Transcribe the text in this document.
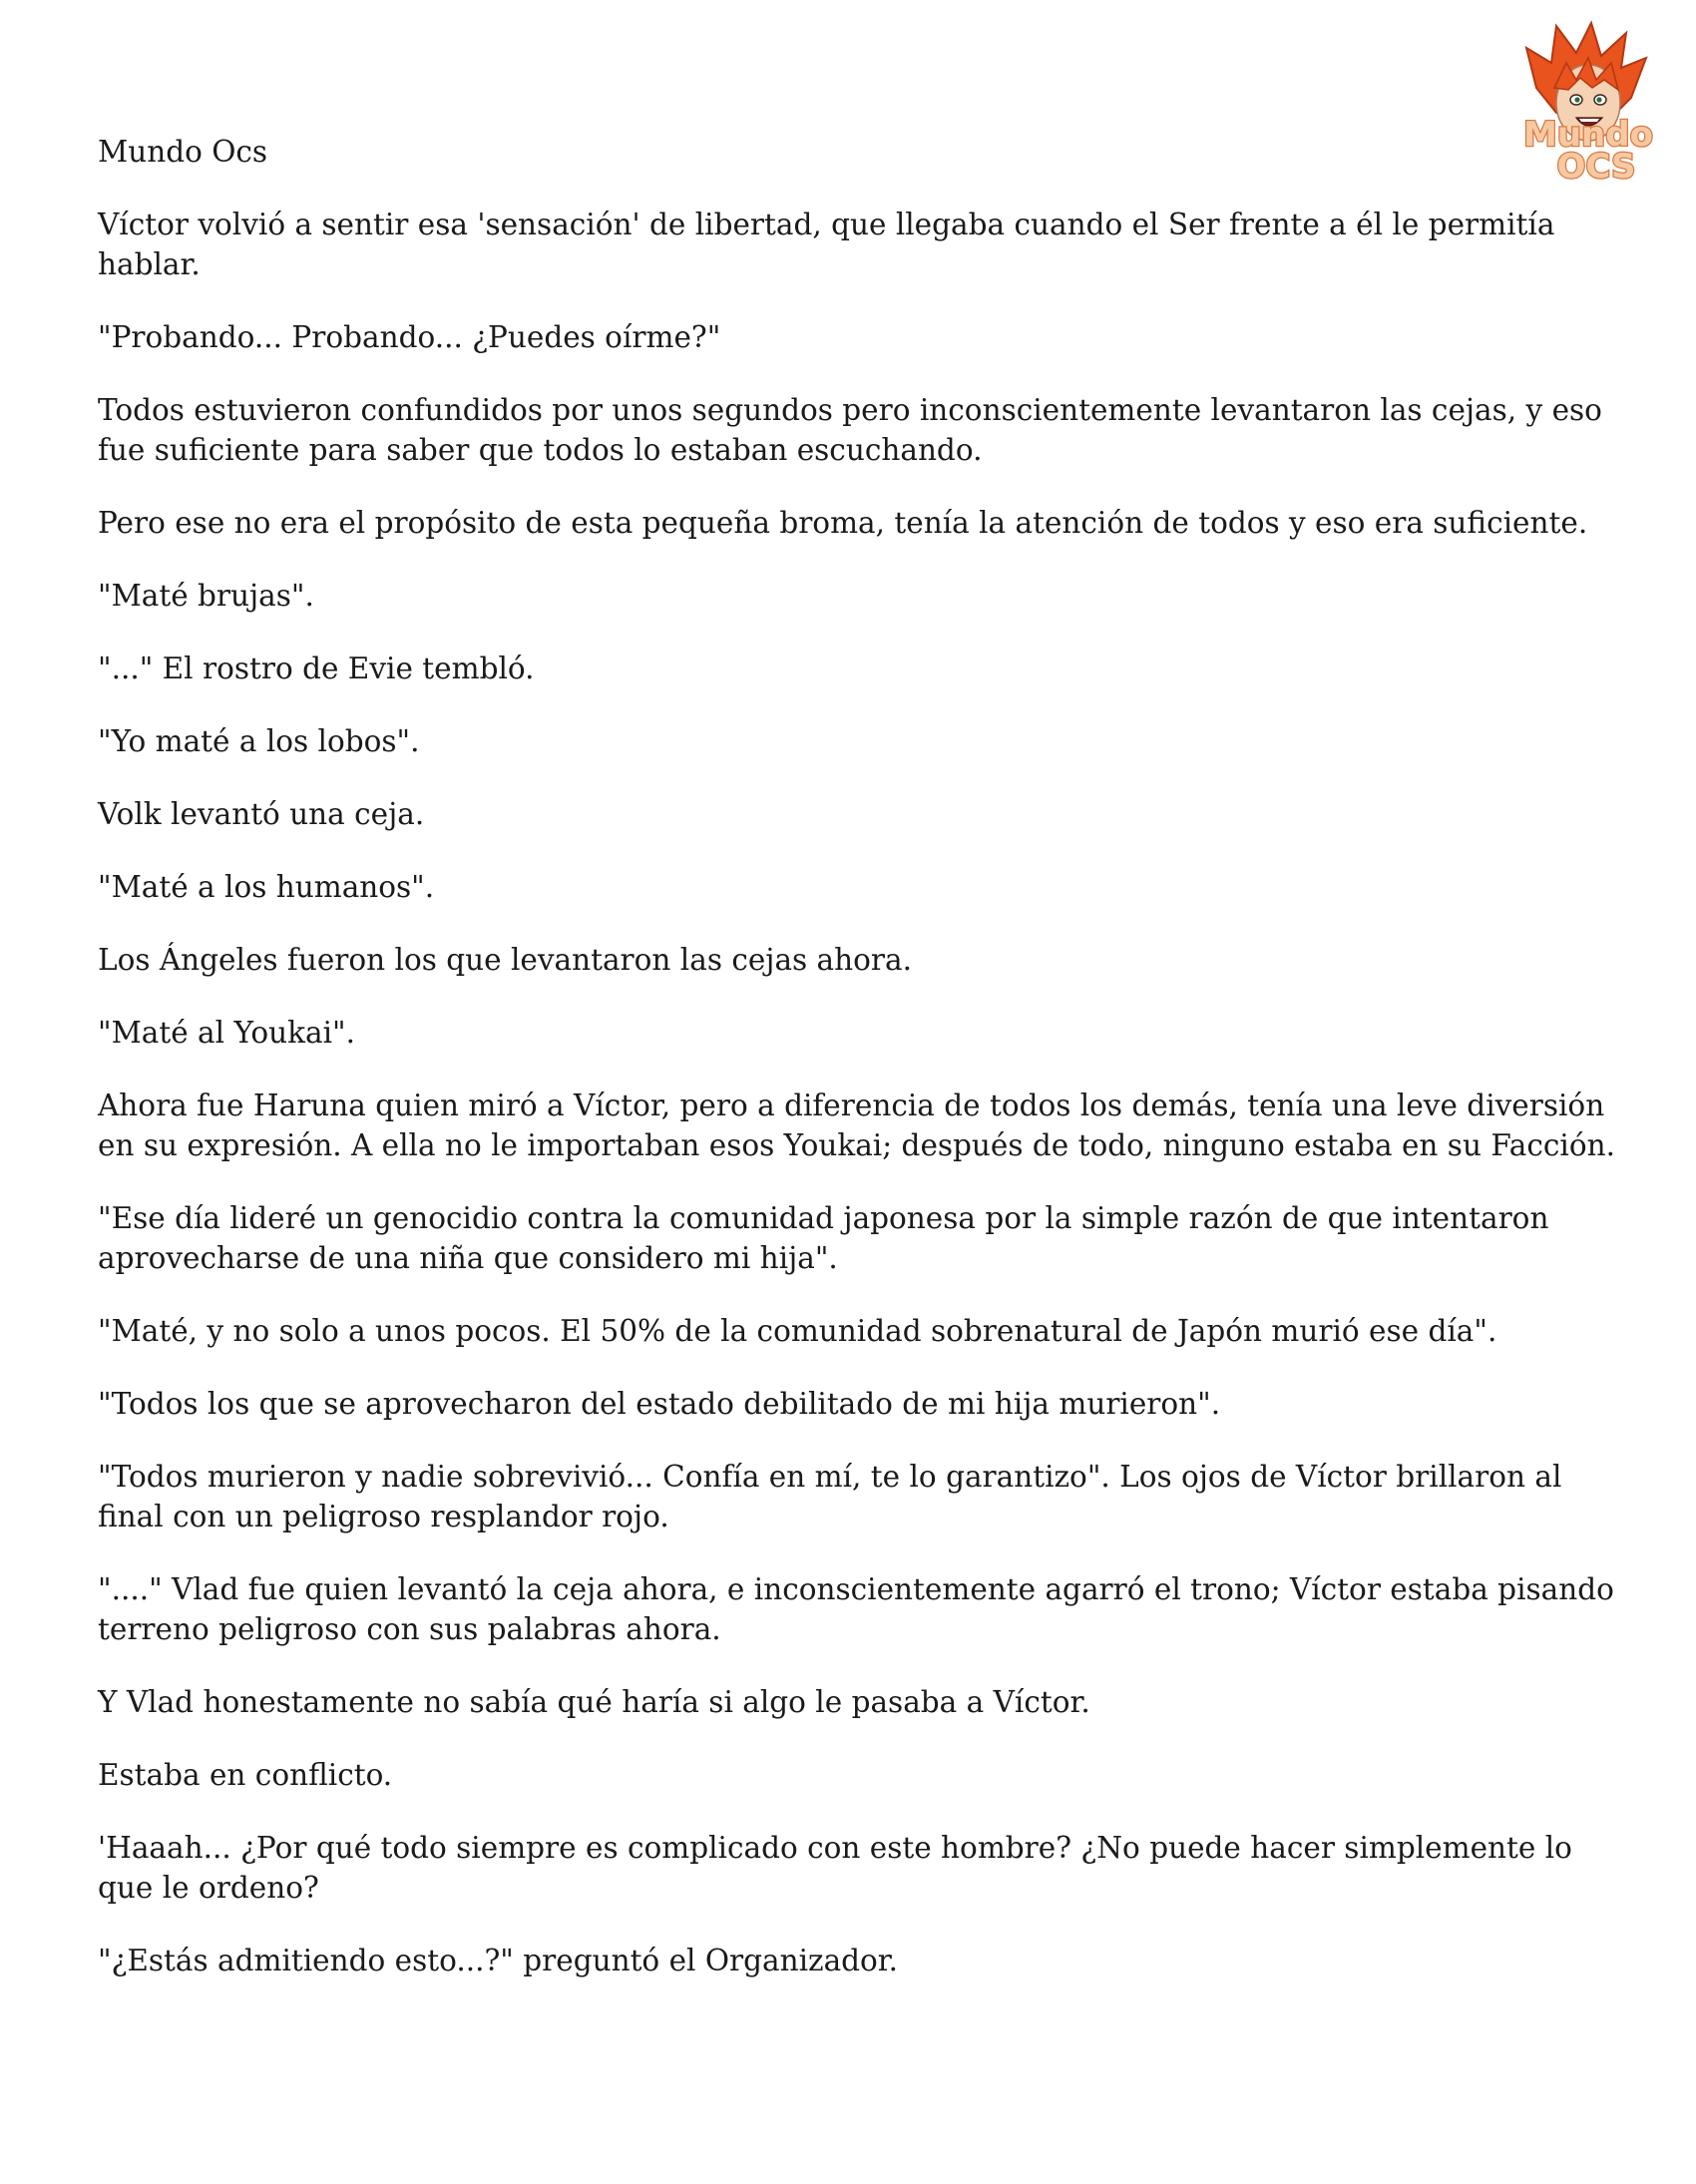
Mundo
OCS

Mundo Ocs

Víctor volvió a sentir esa 'sensación' de libertad, que llegaba cuando el Ser frente a él le permitía hablar.

"Probando... Probando... ¿Puedes oírme?"

Todos estuvieron confundidos por unos segundos pero inconscientemente levantaron las cejas, y eso fue suficiente para saber que todos lo estaban escuchando.

Pero ese no era el propósito de esta pequeña broma, tenía la atención de todos y eso era suficiente.

"Maté brujas".

"..." El rostro de Evie tembló.

"Yo maté a los lobos".

Volk levantó una ceja.

"Maté a los humanos".

Los Ángeles fueron los que levantaron las cejas ahora.

"Maté al Youkai".

Ahora fue Haruna quien miró a Víctor, pero a diferencia de todos los demás, tenía una leve diversión en su expresión. A ella no le importaban esos Youkai; después de todo, ninguno estaba en su Facción.

"Ese día lideré un genocidio contra la comunidad japonesa por la simple razón de que intentaron aprovecharse de una niña que considero mi hija".

"Maté, y no solo a unos pocos. El 50% de la comunidad sobrenatural de Japón murió ese día".

"Todos los que se aprovecharon del estado debilitado de mi hija murieron".

"Todos murieron y nadie sobrevivió... Confía en mí, te lo garantizo". Los ojos de Víctor brillaron al final con un peligroso resplandor rojo.

"...." Vlad fue quien levantó la ceja ahora, e inconscientemente agarró el trono; Víctor estaba pisando terreno peligroso con sus palabras ahora.

Y Vlad honestamente no sabía qué haría si algo le pasaba a Víctor.

Estaba en conflicto.

'Haaah... ¿Por qué todo siempre es complicado con este hombre? ¿No puede hacer simplemente lo que le ordeno?

"¿Estás admitiendo esto...?" preguntó el Organizador.
